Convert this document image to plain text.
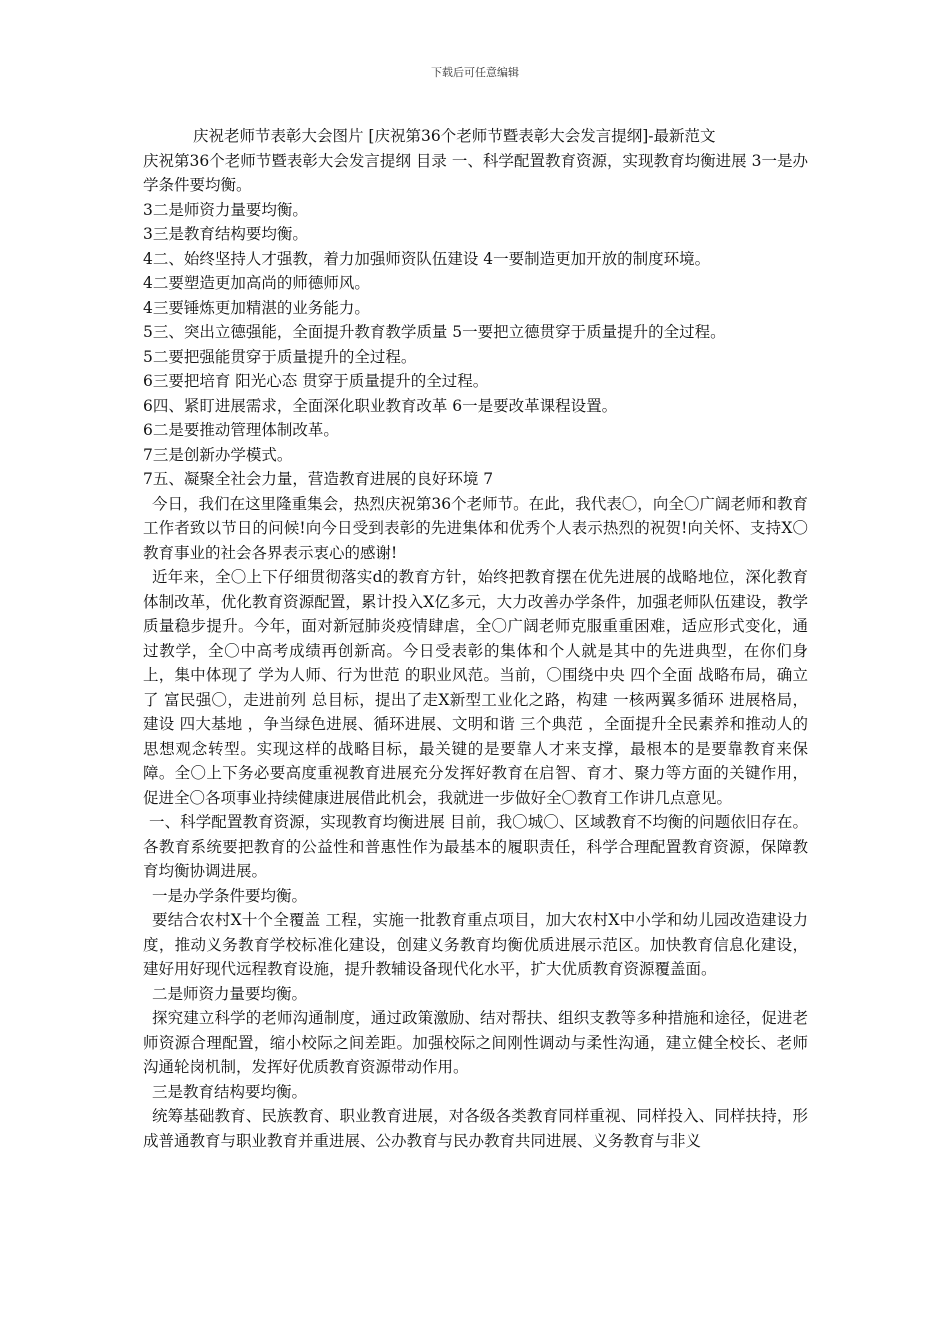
下载后可任意编辑

庆祝老师节表彰大会图片 [庆祝第36个老师节暨表彰大会发言提纲]-最新范文

庆祝第36个老师节暨表彰大会发言提纲 目录 一、科学配置教育资源，实现教育均衡进展 3一是办学条件要均衡。

3二是师资力量要均衡。

3三是教育结构要均衡。

4二、始终坚持人才强教，着力加强师资队伍建设 4一要制造更加开放的制度环境。

4二要塑造更加高尚的师德师风。

4三要锤炼更加精湛的业务能力。

5三、突出立德强能，全面提升教育教学质量 5一要把立德贯穿于质量提升的全过程。

5二要把强能贯穿于质量提升的全过程。

6三要把培育 阳光心态 贯穿于质量提升的全过程。

6四、紧盯进展需求，全面深化职业教育改革 6一是要改革课程设置。

6二是要推动管理体制改革。

7三是创新办学模式。

7五、凝聚全社会力量，营造教育进展的良好环境 7

今日，我们在这里隆重集会，热烈庆祝第36个老师节。在此，我代表〇，向全〇广阔老师和教育工作者致以节日的问候!向今日受到表彰的先进集体和优秀个人表示热烈的祝贺!向关怀、支持X〇教育事业的社会各界表示衷心的感谢!

近年来，全〇上下仔细贯彻落实d的教育方针，始终把教育摆在优先进展的战略地位，深化教育体制改革，优化教育资源配置，累计投入X亿多元，大力改善办学条件，加强老师队伍建设，教学质量稳步提升。今年，面对新冠肺炎疫情肆虐，全〇广阔老师克服重重困难，适应形式变化，通过教学，全〇中高考成绩再创新高。今日受表彰的集体和个人就是其中的先进典型，在你们身上，集中体现了 学为人师、行为世范 的职业风范。当前，〇围绕中央 四个全面 战略布局，确立了 富民强〇，走进前列 总目标，提出了走X新型工业化之路，构建 一核两翼多循环 进展格局，建设 四大基地 ，争当绿色进展、循环进展、文明和谐 三个典范 ，全面提升全民素养和推动人的思想观念转型。实现这样的战略目标，最关键的是要靠人才来支撑，最根本的是要靠教育来保障。全〇上下务必要高度重视教育进展充分发挥好教育在启智、育才、聚力等方面的关键作用，促进全〇各项事业持续健康进展借此机会，我就进一步做好全〇教育工作讲几点意见。

一、科学配置教育资源，实现教育均衡进展 目前，我〇城〇、区域教育不均衡的问题依旧存在。各教育系统要把教育的公益性和普惠性作为最基本的履职责任，科学合理配置教育资源，保障教育均衡协调进展。

一是办学条件要均衡。

要结合农村X十个全覆盖 工程，实施一批教育重点项目，加大农村X中小学和幼儿园改造建设力度，推动义务教育学校标准化建设，创建义务教育均衡优质进展示范区。加快教育信息化建设，建好用好现代远程教育设施，提升教辅设备现代化水平，扩大优质教育资源覆盖面。

二是师资力量要均衡。

探究建立科学的老师沟通制度，通过政策激励、结对帮扶、组织支教等多种措施和途径，促进老师资源合理配置，缩小校际之间差距。加强校际之间刚性调动与柔性沟通，建立健全校长、老师沟通轮岗机制，发挥好优质教育资源带动作用。

三是教育结构要均衡。

统筹基础教育、民族教育、职业教育进展，对各级各类教育同样重视、同样投入、同样扶持，形成普通教育与职业教育并重进展、公办教育与民办教育共同进展、义务教育与非义
